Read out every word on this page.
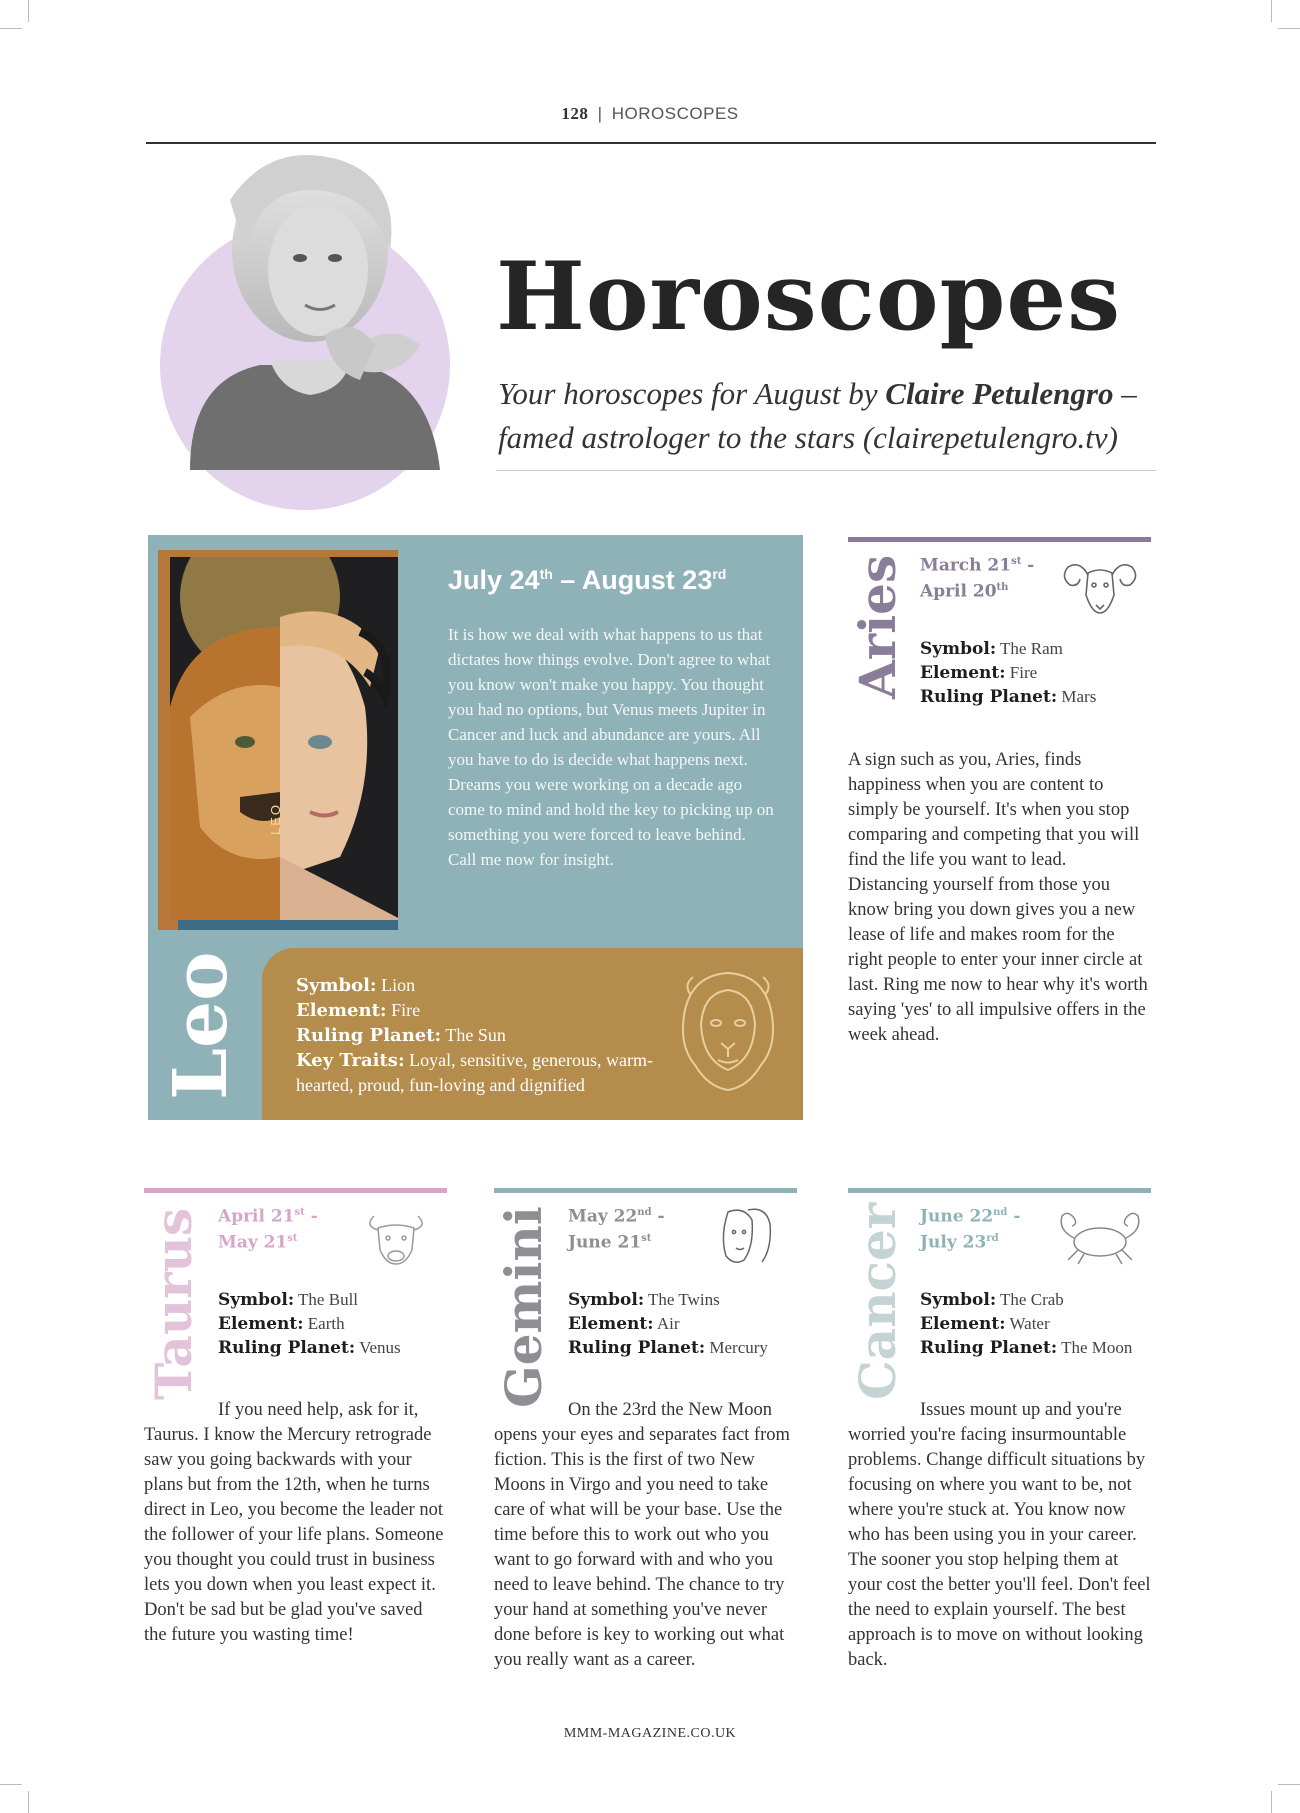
128 | HOROSCOPES
Horoscopes
Your horoscopes for August by Claire Petulengro – famed astrologer to the stars (clairepetulengro.tv)
LEO
July 24th – August 23rd
It is how we deal with what happens to us that dictates how things evolve. Don't agree to what you know won't make you happy. You thought you had no options, but Venus meets Jupiter in Cancer and luck and abundance are yours. All you have to do is decide what happens next. Dreams you were working on a decade ago come to mind and hold the key to picking up on something you were forced to leave behind. Call me now for insight.
Leo	Symbol: Lion
Element: Fire
Ruling Planet: The Sun
Key Traits: Loyal, sensitive, generous, warm-hearted, proud, fun-loving and dignified
Aries March 21st -
April 20th
Symbol: The Ram
Element: Fire
Ruling Planet: Mars
A sign such as you, Aries, finds happiness when you are content to simply be yourself. It's when you stop comparing and competing that you will find the life you want to lead. Distancing yourself from those you know bring you down gives you a new lease of life and makes room for the right people to enter your inner circle at last. Ring me now to hear why it's worth saying 'yes' to all impulsive offers in the week ahead.
Taurus April 21st -
May 21st
Symbol: The Bull
Element: Earth
Ruling Planet: Venus
If you need help, ask for it, Taurus. I know the Mercury retrograde saw you going backwards with your plans but from the 12th, when he turns direct in Leo, you become the leader not the follower of your life plans. Someone you thought you could trust in business lets you down when you least expect it. Don't be sad but be glad you've saved the future you wasting time!
Gemini May 22nd -
June 21st
Symbol: The Twins
Element: Air
Ruling Planet: Mercury
On the 23rd the New Moon opens your eyes and separates fact from fiction. This is the first of two New Moons in Virgo and you need to take care of what will be your base. Use the time before this to work out who you want to go forward with and who you need to leave behind. The chance to try your hand at something you've never done before is key to working out what you really want as a career.
Cancer June 22nd -
July 23rd
Symbol: The Crab
Element: Water
Ruling Planet: The Moon
Issues mount up and you're worried you're facing insurmountable problems. Change difficult situations by focusing on where you want to be, not where you're stuck at. You know now who has been using you in your career. The sooner you stop helping them at your cost the better you'll feel. Don't feel the need to explain yourself. The best approach is to move on without looking back.
MMM-MAGAZINE.CO.UK
